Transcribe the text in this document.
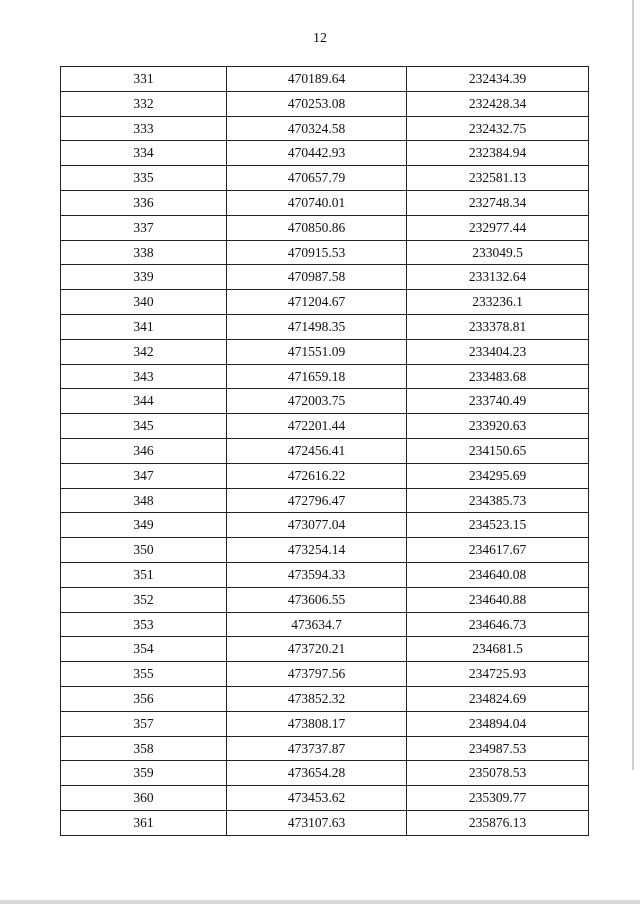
12
331	470189.64	232434.39
332	470253.08	232428.34
333	470324.58	232432.75
334	470442.93	232384.94
335	470657.79	232581.13
336	470740.01	232748.34
337	470850.86	232977.44
338	470915.53	233049.5
339	470987.58	233132.64
340	471204.67	233236.1
341	471498.35	233378.81
342	471551.09	233404.23
343	471659.18	233483.68
344	472003.75	233740.49
345	472201.44	233920.63
346	472456.41	234150.65
347	472616.22	234295.69
348	472796.47	234385.73
349	473077.04	234523.15
350	473254.14	234617.67
351	473594.33	234640.08
352	473606.55	234640.88
353	473634.7	234646.73
354	473720.21	234681.5
355	473797.56	234725.93
356	473852.32	234824.69
357	473808.17	234894.04
358	473737.87	234987.53
359	473654.28	235078.53
360	473453.62	235309.77
361	473107.63	235876.13
